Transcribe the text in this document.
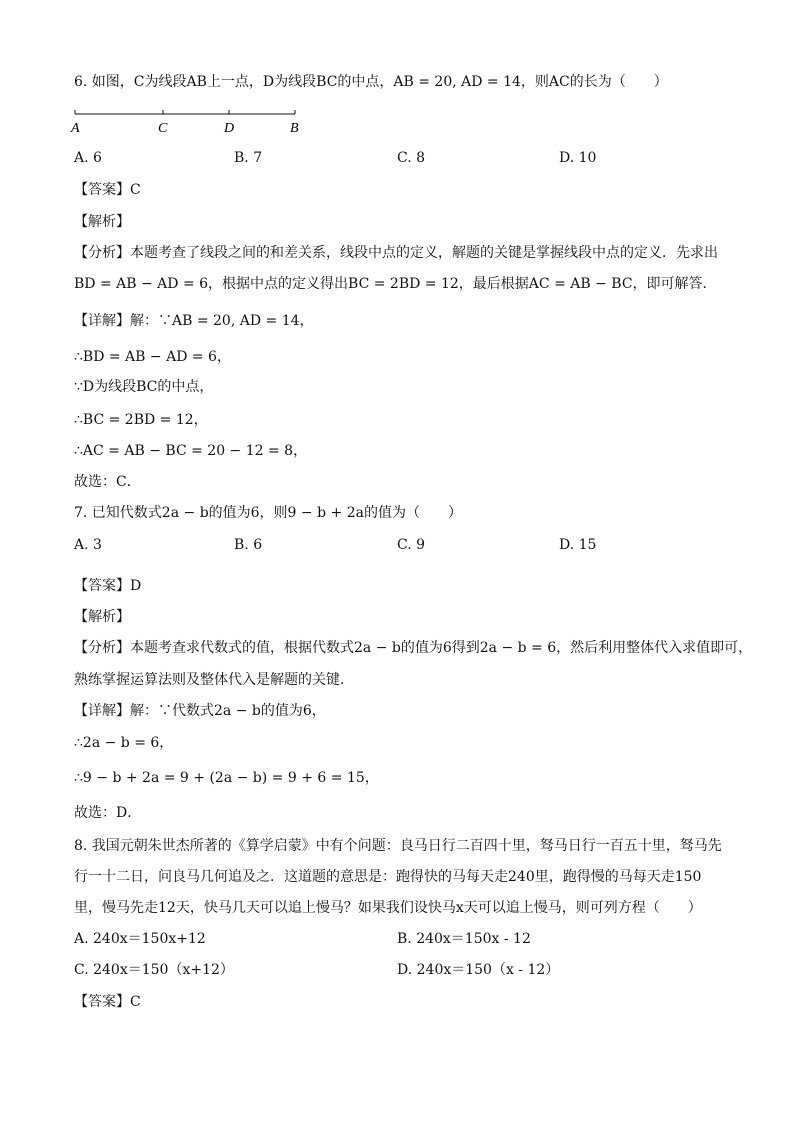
6. 如图，C为线段AB上一点，D为线段BC的中点，AB = 20, AD = 14，则AC的长为（　　）
A	C	D	B
A. 6	B. 7	C. 8	D. 10
【答案】C
【解析】
【分析】本题考查了线段之间的和差关系，线段中点的定义，解题的关键是掌握线段中点的定义．先求出
BD = AB − AD = 6，根据中点的定义得出BC = 2BD = 12，最后根据AC = AB − BC，即可解答．
【详解】解：∵AB = 20, AD = 14，
∴BD = AB − AD = 6，
∵D为线段BC的中点，
∴BC = 2BD = 12，
∴AC = AB − BC = 20 − 12 = 8，
故选：C．
7. 已知代数式2a − b的值为6，则9 − b + 2a的值为（　　）
A. 3	B. 6	C. 9	D. 15
【答案】D
【解析】
【分析】本题考查求代数式的值，根据代数式2a − b的值为6得到2a − b = 6，然后利用整体代入求值即可，
熟练掌握运算法则及整体代入是解题的关键．
【详解】解：∵代数式2a − b的值为6，
∴2a − b = 6，
∴9 − b + 2a = 9 + (2a − b) = 9 + 6 = 15，
故选：D．
8. 我国元朝朱世杰所著的《算学启蒙》中有个问题：良马日行二百四十里，驽马日行一百五十里，驽马先
行一十二日，问良马几何追及之．这道题的意思是：跑得快的马每天走240里，跑得慢的马每天走150
里，慢马先走12天，快马几天可以追上慢马？如果我们设快马x天可以追上慢马，则可列方程（　　）
A. 240x＝150x+12	B. 240x＝150x - 12
C. 240x＝150（x+12）	D. 240x＝150（x - 12）
【答案】C
